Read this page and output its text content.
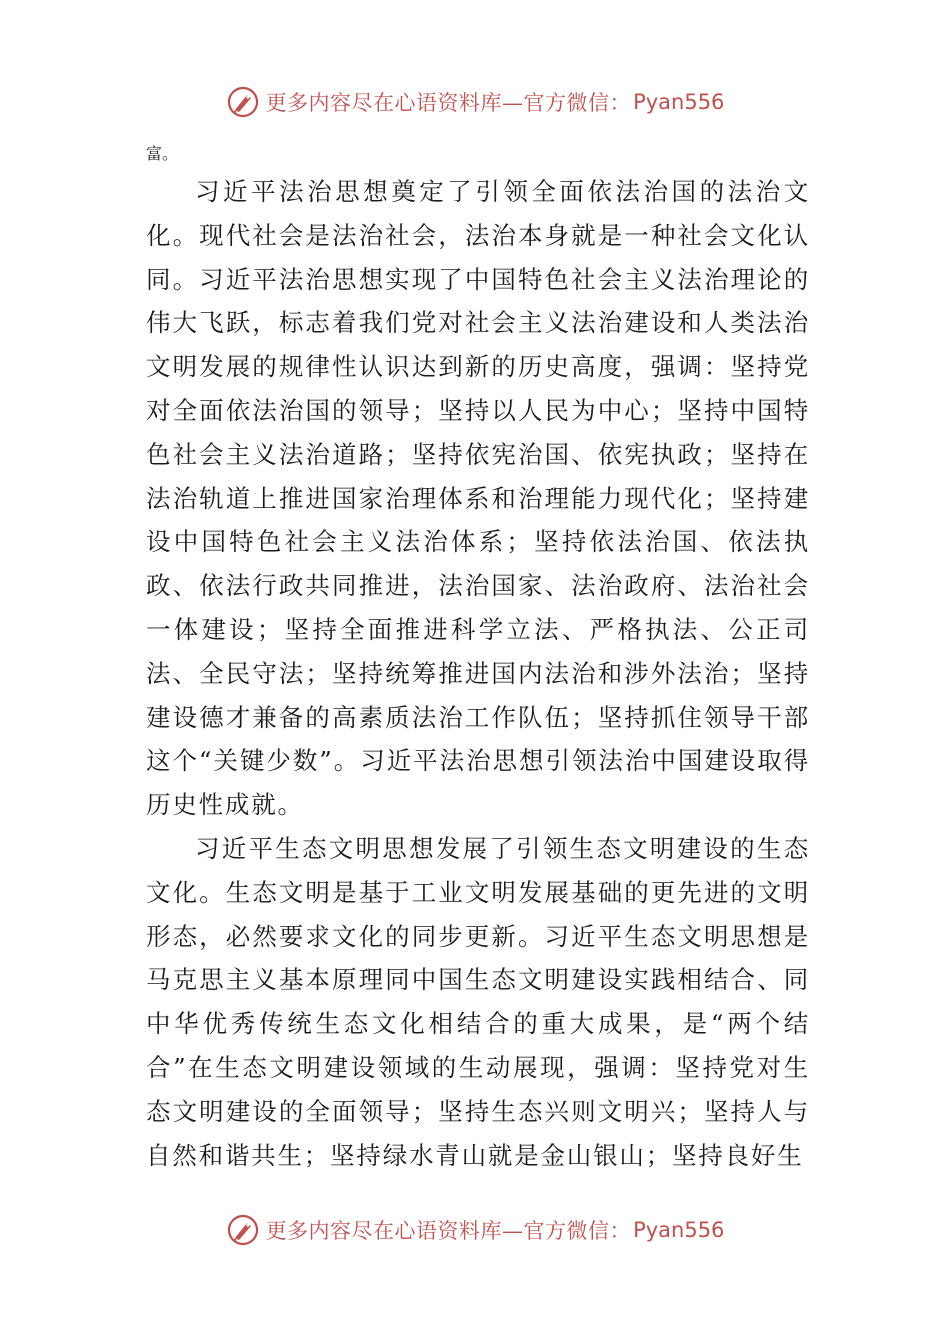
更多内容尽在心语资料库—官方微信： Pyan556

富。

习近平法治思想奠定了引领全面依法治国的法治文化。现代社会是法治社会，法治本身就是一种社会文化认同。习近平法治思想实现了中国特色社会主义法治理论的伟大飞跃，标志着我们党对社会主义法治建设和人类法治文明发展的规律性认识达到新的历史高度，强调：坚持党对全面依法治国的领导；坚持以人民为中心；坚持中国特色社会主义法治道路；坚持依宪治国、依宪执政；坚持在法治轨道上推进国家治理体系和治理能力现代化；坚持建设中国特色社会主义法治体系；坚持依法治国、依法执政、依法行政共同推进，法治国家、法治政府、法治社会一体建设；坚持全面推进科学立法、严格执法、公正司法、全民守法；坚持统筹推进国内法治和涉外法治；坚持建设德才兼备的高素质法治工作队伍；坚持抓住领导干部这个“关键少数”。习近平法治思想引领法治中国建设取得历史性成就。

习近平生态文明思想发展了引领生态文明建设的生态文化。生态文明是基于工业文明发展基础的更先进的文明形态，必然要求文化的同步更新。习近平生态文明思想是马克思主义基本原理同中国生态文明建设实践相结合、同中华优秀传统生态文化相结合的重大成果，是“两个结合”在生态文明建设领域的生动展现，强调：坚持党对生态文明建设的全面领导；坚持生态兴则文明兴；坚持人与自然和谐共生；坚持绿水青山就是金山银山；坚持良好生

更多内容尽在心语资料库—官方微信： Pyan556
